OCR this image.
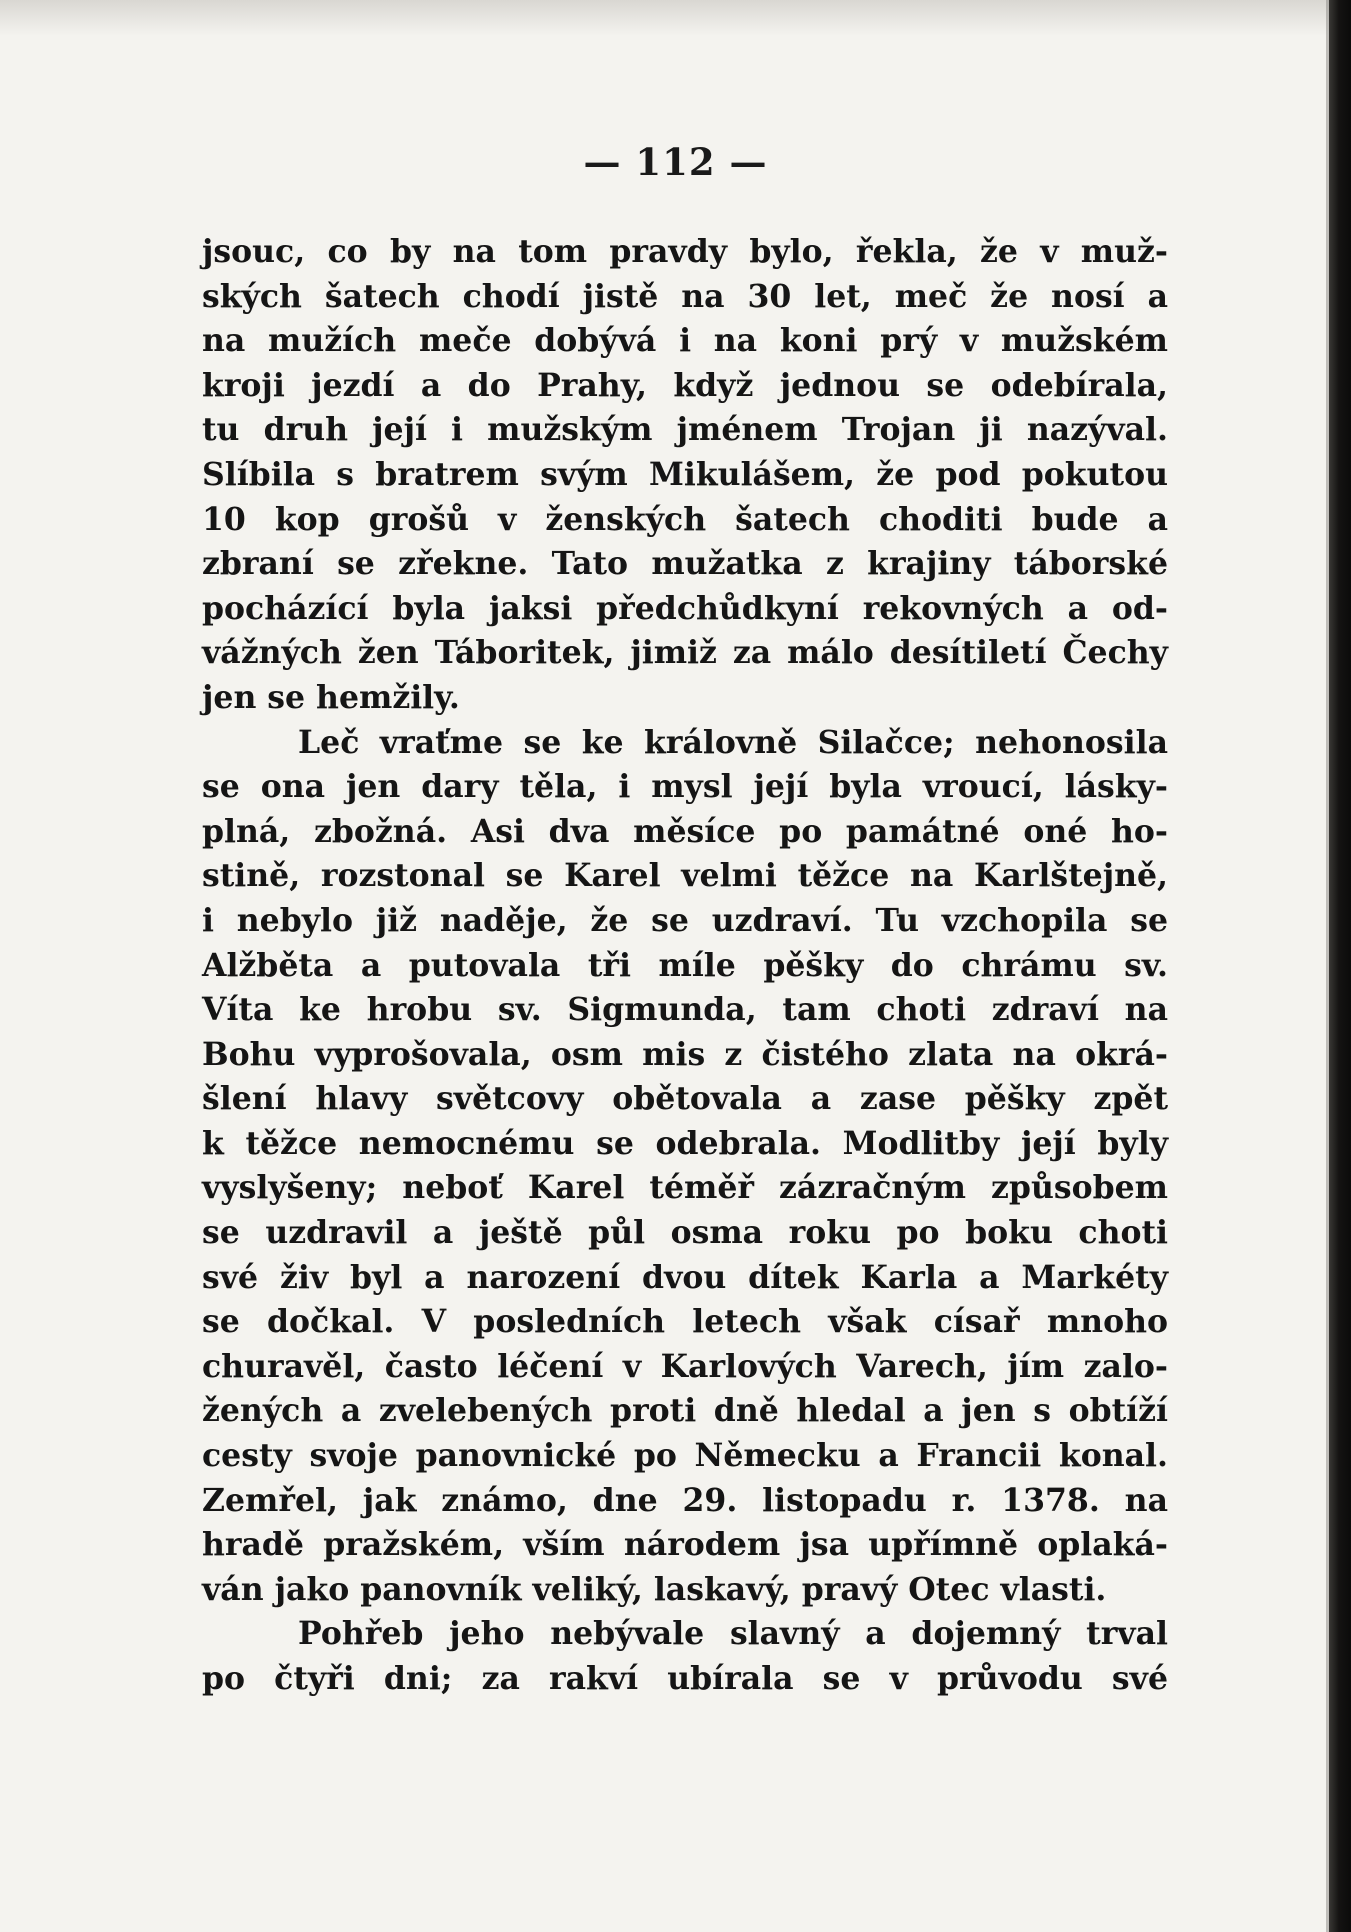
— 112 —
jsouc, co by na tom pravdy bylo, řekla, že v muž-
ských šatech chodí jistě na 30 let, meč že nosí a
na mužích meče dobývá i na koni prý v mužském
kroji jezdí a do Prahy, když jednou se odebírala,
tu druh její i mužským jménem Trojan ji nazýval.
Slíbila s bratrem svým Mikulášem, že pod pokutou
10 kop grošů v ženských šatech choditi bude a
zbraní se zřekne. Tato mužatka z krajiny táborské
pocházící byla jaksi předchůdkyní rekovných a od-
vážných žen Táboritek, jimiž za málo desítiletí Čechy
jen se hemžily.
Leč vraťme se ke královně Silačce; nehonosila
se ona jen dary těla, i mysl její byla vroucí, lásky-
plná, zbožná. Asi dva měsíce po památné oné ho-
stině, rozstonal se Karel velmi těžce na Karlštejně,
i nebylo již naděje, že se uzdraví. Tu vzchopila se
Alžběta a putovala tři míle pěšky do chrámu sv.
Víta ke hrobu sv. Sigmunda, tam choti zdraví na
Bohu vyprošovala, osm mis z čistého zlata na okrá-
šlení hlavy světcovy obětovala a zase pěšky zpět
k těžce nemocnému se odebrala. Modlitby její byly
vyslyšeny; neboť Karel téměř zázračným způsobem
se uzdravil a ještě půl osma roku po boku choti
své živ byl a narození dvou dítek Karla a Markéty
se dočkal. V posledních letech však císař mnoho
churavěl, často léčení v Karlových Varech, jím zalo-
žených a zvelebených proti dně hledal a jen s obtíží
cesty svoje panovnické po Německu a Francii konal.
Zemřel, jak známo, dne 29. listopadu r. 1378. na
hradě pražském, vším národem jsa upřímně oplaká-
ván jako panovník veliký, laskavý, pravý Otec vlasti.
Pohřeb jeho nebývale slavný a dojemný trval
po čtyři dni; za rakví ubírala se v průvodu své
